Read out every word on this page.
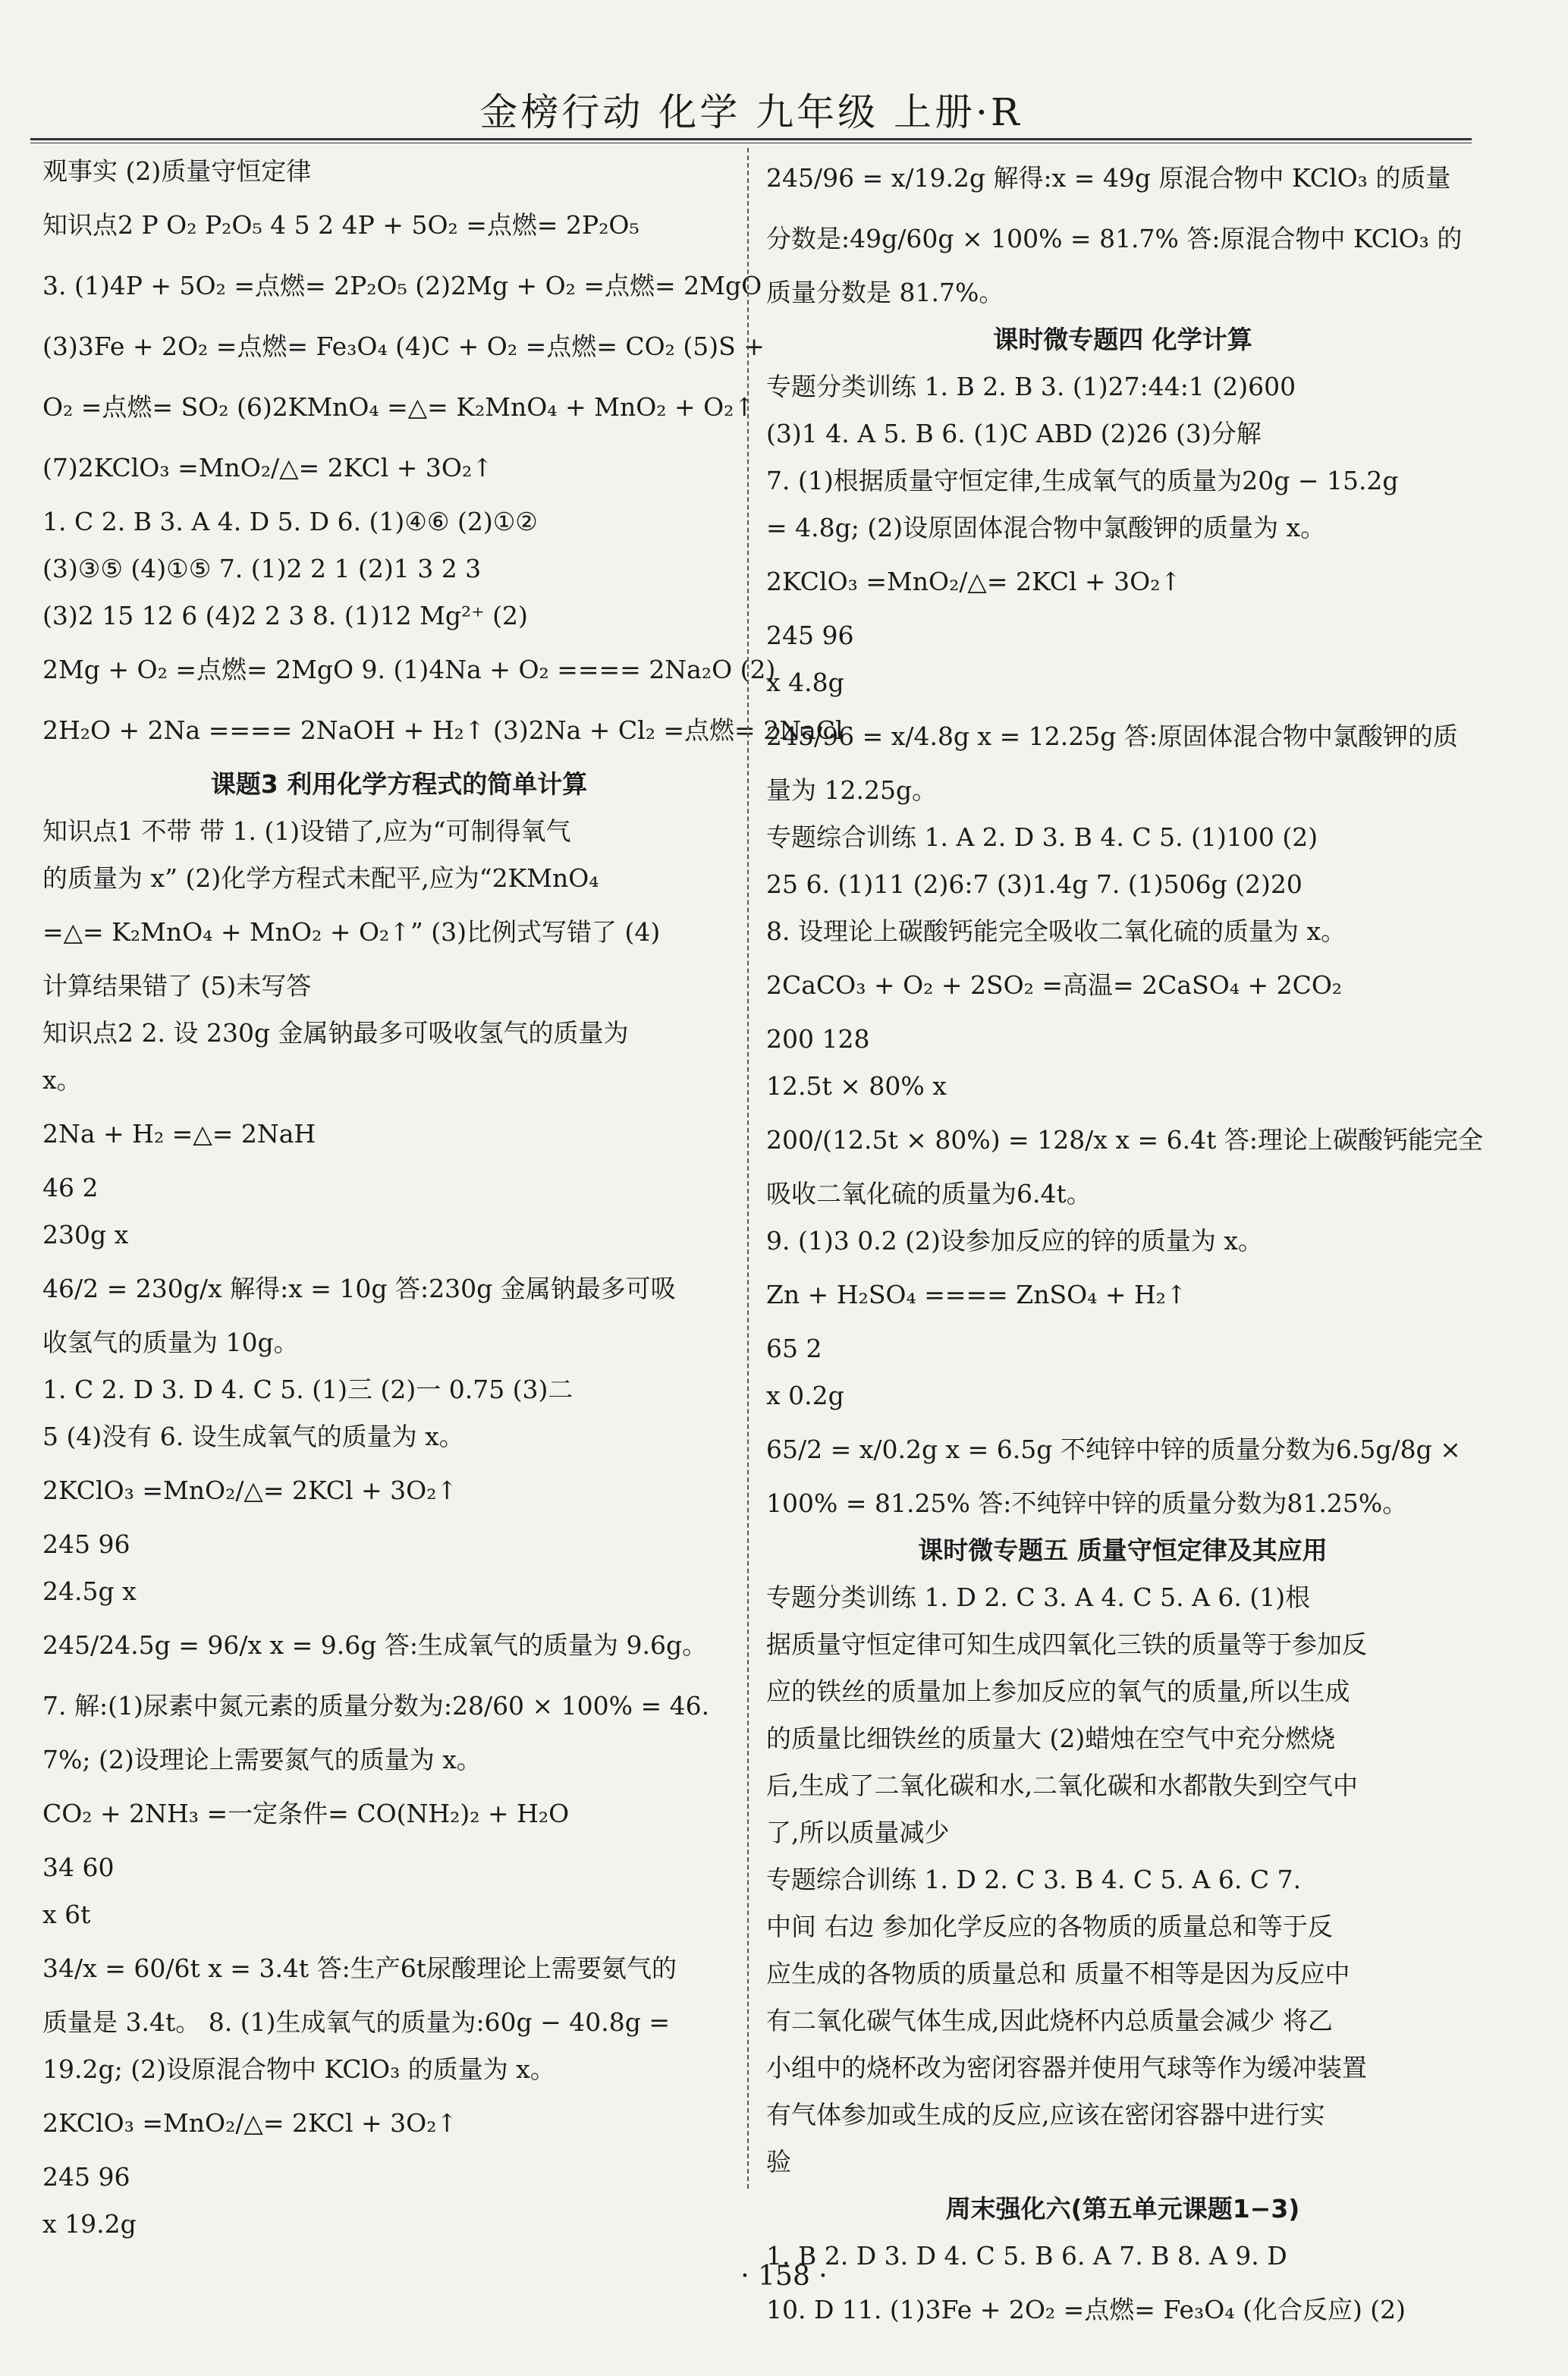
金榜行动 化学 九年级 上册·R
观事实 (2)质量守恒定律
知识点2 P O₂ P₂O₅ 4 5 2 4P + 5O₂ =点燃= 2P₂O₅
3. (1)4P + 5O₂ =点燃= 2P₂O₅ (2)2Mg + O₂ =点燃= 2MgO
(3)3Fe + 2O₂ =点燃= Fe₃O₄ (4)C + O₂ =点燃= CO₂ (5)S +
O₂ =点燃= SO₂ (6)2KMnO₄ =△= K₂MnO₄ + MnO₂ + O₂↑
(7)2KClO₃ =MnO₂/△= 2KCl + 3O₂↑
1. C 2. B 3. A 4. D 5. D 6. (1)④⑥ (2)①②
(3)③⑤ (4)①⑤ 7. (1)2 2 1 (2)1 3 2 3
(3)2 15 12 6 (4)2 2 3 8. (1)12 Mg²⁺ (2)
2Mg + O₂ =点燃= 2MgO 9. (1)4Na + O₂ ==== 2Na₂O (2)
2H₂O + 2Na ==== 2NaOH + H₂↑ (3)2Na + Cl₂ =点燃= 2NaCl
课题3 利用化学方程式的简单计算
知识点1 不带 带 1. (1)设错了,应为“可制得氧气
的质量为 x” (2)化学方程式未配平,应为“2KMnO₄
=△= K₂MnO₄ + MnO₂ + O₂↑” (3)比例式写错了 (4)
计算结果错了 (5)未写答
知识点2 2. 设 230g 金属钠最多可吸收氢气的质量为
x。
2Na + H₂ =△= 2NaH
46 2
230g x
46/2 = 230g/x 解得:x = 10g 答:230g 金属钠最多可吸
收氢气的质量为 10g。
1. C 2. D 3. D 4. C 5. (1)三 (2)一 0.75 (3)二
5 (4)没有 6. 设生成氧气的质量为 x。
2KClO₃ =MnO₂/△= 2KCl + 3O₂↑
245 96
24.5g x
245/24.5g = 96/x x = 9.6g 答:生成氧气的质量为 9.6g。
7. 解:(1)尿素中氮元素的质量分数为:28/60 × 100% = 46.
7%; (2)设理论上需要氮气的质量为 x。
CO₂ + 2NH₃ =一定条件= CO(NH₂)₂ + H₂O
34 60
x 6t
34/x = 60/6t x = 3.4t 答:生产6t尿酸理论上需要氨气的
质量是 3.4t。 8. (1)生成氧气的质量为:60g − 40.8g =
19.2g; (2)设原混合物中 KClO₃ 的质量为 x。
2KClO₃ =MnO₂/△= 2KCl + 3O₂↑
245 96
x 19.2g
245/96 = x/19.2g 解得:x = 49g 原混合物中 KClO₃ 的质量
分数是:49g/60g × 100% = 81.7% 答:原混合物中 KClO₃ 的
质量分数是 81.7%。
课时微专题四 化学计算
专题分类训练 1. B 2. B 3. (1)27:44:1 (2)600
(3)1 4. A 5. B 6. (1)C ABD (2)26 (3)分解
7. (1)根据质量守恒定律,生成氧气的质量为20g − 15.2g
= 4.8g; (2)设原固体混合物中氯酸钾的质量为 x。
2KClO₃ =MnO₂/△= 2KCl + 3O₂↑
245 96
x 4.8g
245/96 = x/4.8g x = 12.25g 答:原固体混合物中氯酸钾的质
量为 12.25g。
专题综合训练 1. A 2. D 3. B 4. C 5. (1)100 (2)
25 6. (1)11 (2)6:7 (3)1.4g 7. (1)506g (2)20
8. 设理论上碳酸钙能完全吸收二氧化硫的质量为 x。
2CaCO₃ + O₂ + 2SO₂ =高温= 2CaSO₄ + 2CO₂
200 128
12.5t × 80% x
200/(12.5t × 80%) = 128/x x = 6.4t 答:理论上碳酸钙能完全
吸收二氧化硫的质量为6.4t。
9. (1)3 0.2 (2)设参加反应的锌的质量为 x。
Zn + H₂SO₄ ==== ZnSO₄ + H₂↑
65 2
x 0.2g
65/2 = x/0.2g x = 6.5g 不纯锌中锌的质量分数为6.5g/8g ×
100% = 81.25% 答:不纯锌中锌的质量分数为81.25%。
课时微专题五 质量守恒定律及其应用
专题分类训练 1. D 2. C 3. A 4. C 5. A 6. (1)根
据质量守恒定律可知生成四氧化三铁的质量等于参加反
应的铁丝的质量加上参加反应的氧气的质量,所以生成
的质量比细铁丝的质量大 (2)蜡烛在空气中充分燃烧
后,生成了二氧化碳和水,二氧化碳和水都散失到空气中
了,所以质量减少
专题综合训练 1. D 2. C 3. B 4. C 5. A 6. C 7.
中间 右边 参加化学反应的各物质的质量总和等于反
应生成的各物质的质量总和 质量不相等是因为反应中
有二氧化碳气体生成,因此烧杯内总质量会减少 将乙
小组中的烧杯改为密闭容器并使用气球等作为缓冲装置
有气体参加或生成的反应,应该在密闭容器中进行实
验
周末强化六(第五单元课题1−3)
1. B 2. D 3. D 4. C 5. B 6. A 7. B 8. A 9. D
10. D 11. (1)3Fe + 2O₂ =点燃= Fe₃O₄ (化合反应) (2)
· 158 ·
